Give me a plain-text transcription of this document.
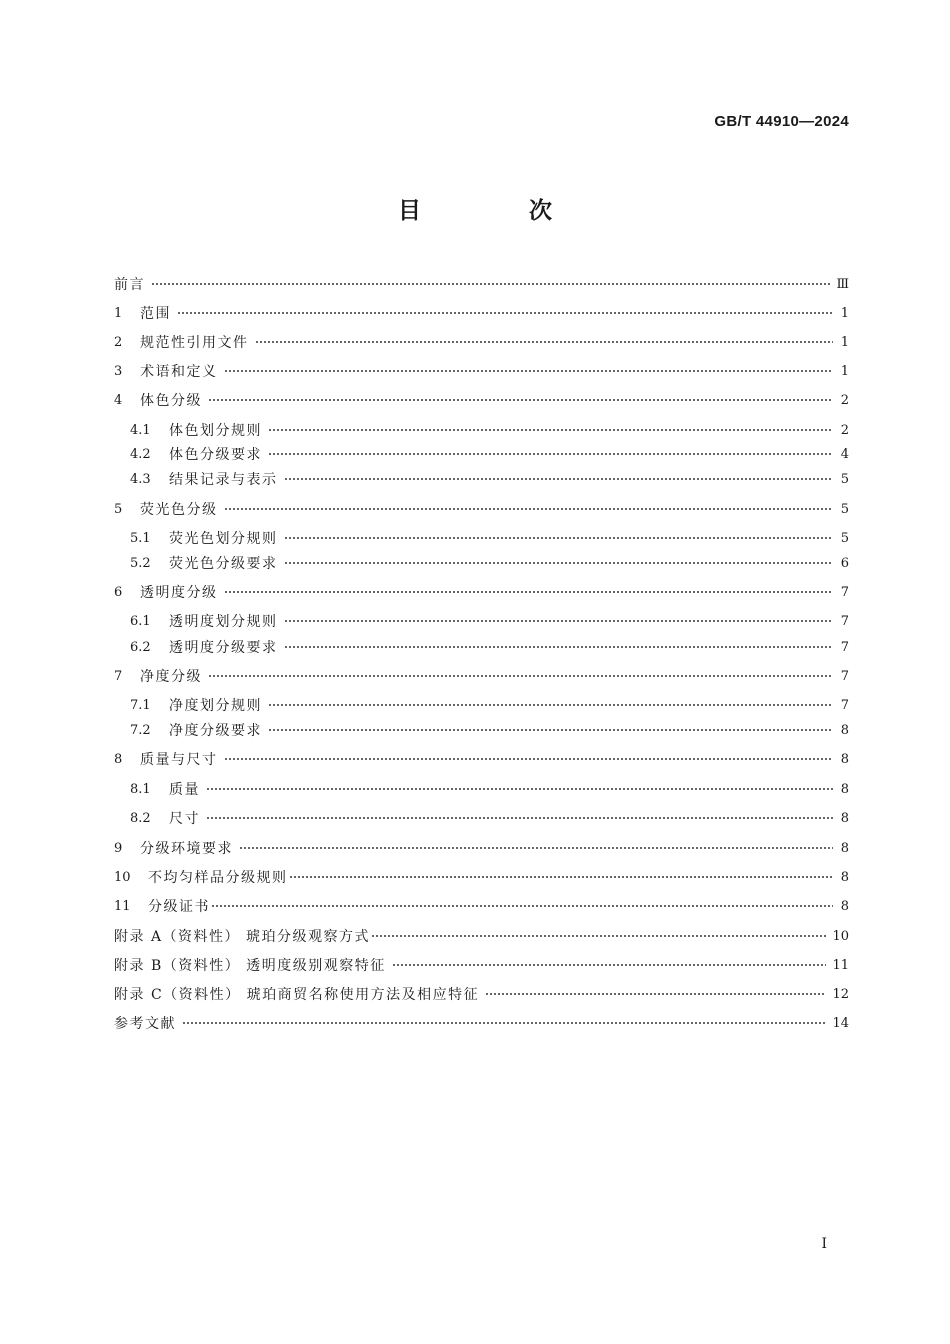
GB/T 44910—2024
目 次
前言	Ⅲ
1	范围	1
2	规范性引用文件	1
3	术语和定义	1
4	体色分级	2
4.1	体色划分规则	2
4.2	体色分级要求	4
4.3	结果记录与表示	5
5	荧光色分级	5
5.1	荧光色划分规则	5
5.2	荧光色分级要求	6
6	透明度分级	7
6.1	透明度划分规则	7
6.2	透明度分级要求	7
7	净度分级	7
7.1	净度划分规则	7
7.2	净度分级要求	8
8	质量与尺寸	8
8.1	质量	8
8.2	尺寸	8
9	分级环境要求	8
10	不均匀样品分级规则	8
11	分级证书	8
附录 A（资料性） 琥珀分级观察方式	10
附录 B（资料性） 透明度级别观察特征	11
附录 C（资料性） 琥珀商贸名称使用方法及相应特征	12
参考文献	14
I
